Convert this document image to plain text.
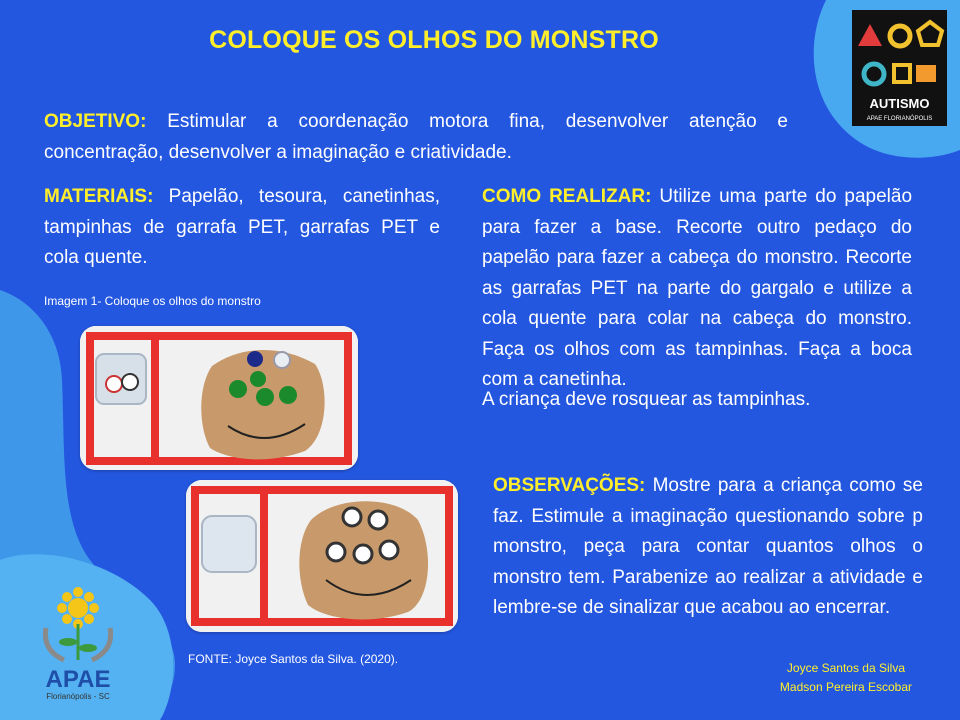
AUTISMO
APAE FLORIANÓPOLIS
COLOQUE OS OLHOS DO MONSTRO
OBJETIVO: Estimular a coordenação motora fina, desenvolver atenção e concentração, desenvolver a imaginação e criatividade.
MATERIAIS: Papelão, tesoura, canetinhas, tampinhas de garrafa PET, garrafas PET e cola quente.
Imagem 1- Coloque os olhos do monstro
FONTE: Joyce Santos da Silva. (2020).
COMO REALIZAR: Utilize uma parte do papelão para fazer a base. Recorte outro pedaço do papelão para fazer a cabeça do monstro. Recorte as garrafas PET na parte do gargalo e utilize a cola quente para colar na cabeça do monstro. Faça os olhos com as tampinhas. Faça a boca com a canetinha.
A criança deve rosquear as tampinhas.
OBSERVAÇÕES: Mostre para a criança como se faz. Estimule a imaginação questionando sobre p monstro, peça para contar quantos olhos o monstro tem. Parabenize ao realizar a atividade e lembre-se de sinalizar que acabou ao encerrar.
Joyce Santos da Silva
Madson Pereira Escobar
APAE
Florianópolis - SC
